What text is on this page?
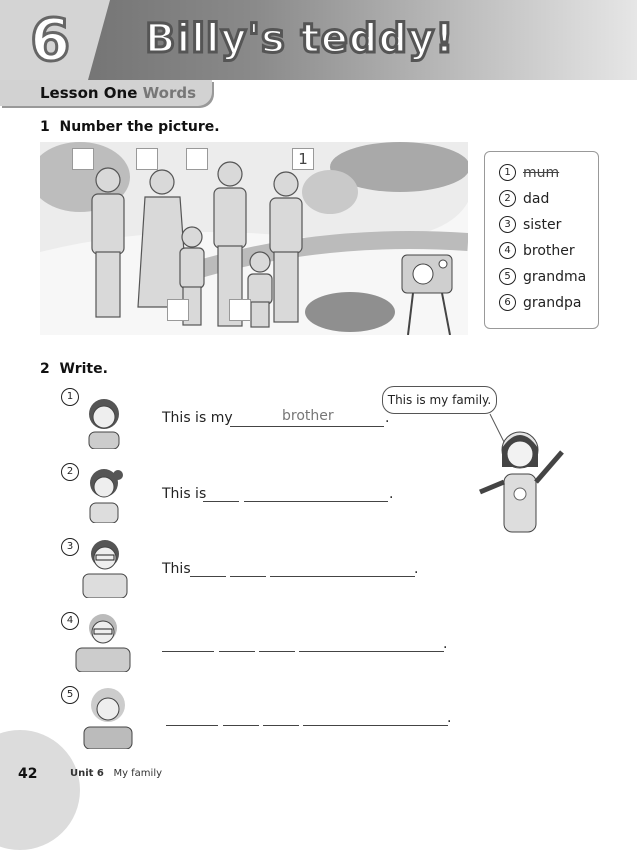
6 Billy's teddy!
Lesson One Words
1 Number the picture.
1
1 mum
2 dad
3 sister
4 brother
5 grandma
6 grandpa

2 Write.
This is my family.
1
This is my	brother	.
2
This is	.
3
This	.
4
.
5
.
42	Unit 6 My family
